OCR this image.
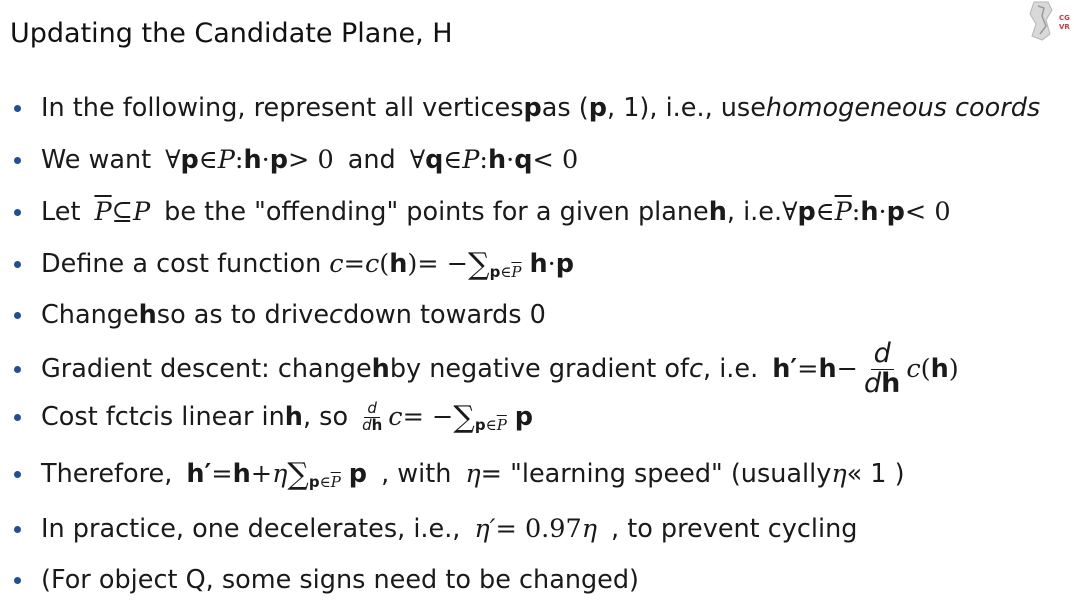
Updating the Candidate Plane, H	CG
VR
In the following, represent all vertices p as ( p , 1), i.e., use homogeneous coords
We want ∀ p ∈ P : h · p > 0 and ∀ q ∈ P : h · q < 0
Let $\overline{P}$ ⊆ P be the "offending" points for a given plane h , i.e. ∀ p ∈ $\overline{P}$ : h · p < 0
Define a cost function c = c ( h ) = − ∑ $p\in\overline{P}$ h · p
Change h so as to drive c down towards 0
Gradient descent: change h by negative gradient of c , i.e. $h' = h - \frac{d}{dh}$ c ( h )
Cost fct c is linear in h , so $\frac{d}{dh}$ c = − ∑ $p\in\overline{P}$ p
Therefore, h′ = h + η ∑ $p\in\overline{P}$ p , with η = "learning speed" (usually η « 1 )
In practice, one decelerates, i.e., η′ = 0.97 η , to prevent cycling
(For object Q, some signs need to be changed)
